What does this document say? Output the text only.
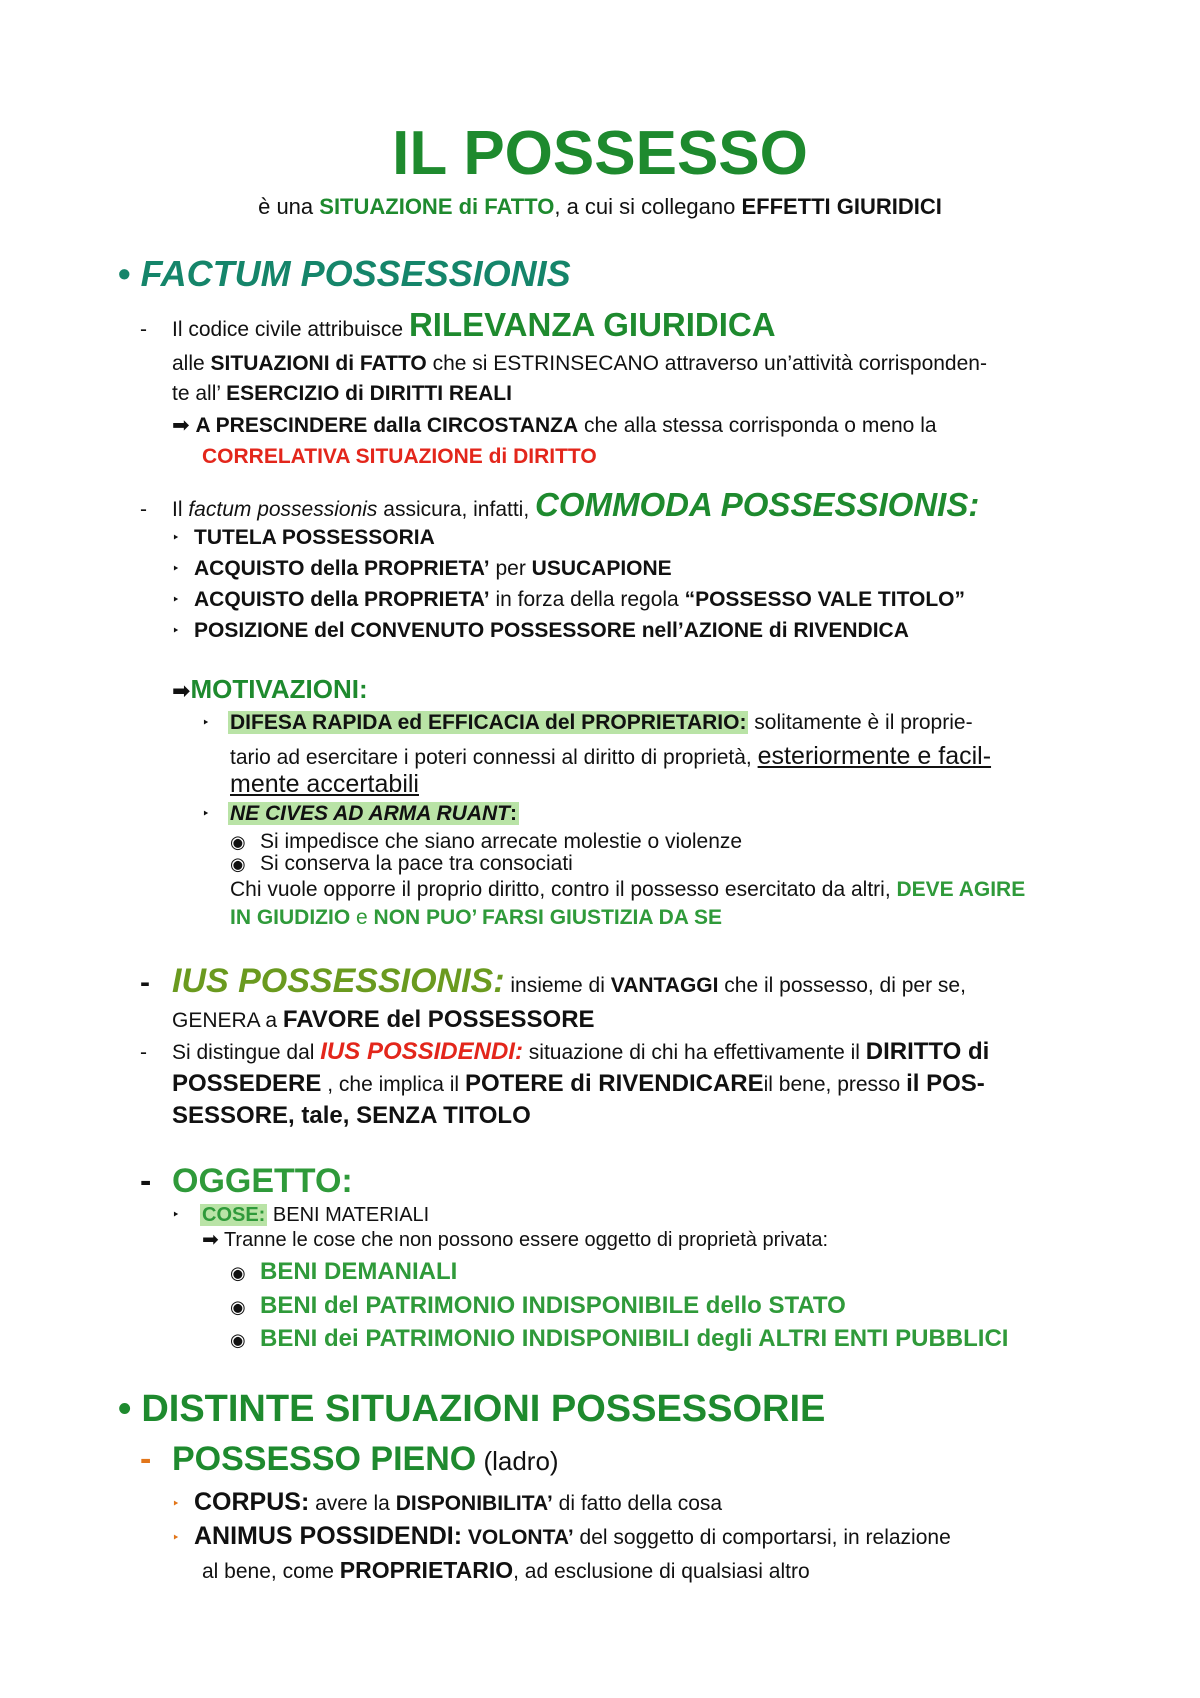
IL POSSESSO
è una SITUAZIONE di FATTO, a cui si collegano EFFETTI GIURIDICI
• FACTUM POSSESSIONIS
- Il codice civile attribuisce RILEVANZA GIURIDICA
alle SITUAZIONI di FATTO che si ESTRINSECANO attraverso un’attività corrisponden-
te all’ ESERCIZIO di DIRITTI REALI
➡ A PRESCINDERE dalla CIRCOSTANZA che alla stessa corrisponda o meno la
CORRELATIVA SITUAZIONE di DIRITTO
- Il factum possessionis assicura, infatti, COMMODA POSSESSIONIS:
‣ TUTELA POSSESSORIA
‣ ACQUISTO della PROPRIETA’ per USUCAPIONE
‣ ACQUISTO della PROPRIETA’ in forza della regola “POSSESSO VALE TITOLO”
‣ POSIZIONE del CONVENUTO POSSESSORE nell’AZIONE di RIVENDICA
➡MOTIVAZIONI:
‣ DIFESA RAPIDA ed EFFICACIA del PROPRIETARIO: solitamente è il proprie-
tario ad esercitare i poteri connessi al diritto di proprietà, esteriormente e facil-
mente accertabili
‣ NE CIVES AD ARMA RUANT:
◉ Si impedisce che siano arrecate molestie o violenze
◉ Si conserva la pace tra consociati
Chi vuole opporre il proprio diritto, contro il possesso esercitato da altri, DEVE AGIRE
IN GIUDIZIO e NON PUO’ FARSI GIUSTIZIA DA SE
- IUS POSSESSIONIS: insieme di VANTAGGI che il possesso, di per se,
GENERA a FAVORE del POSSESSORE
- Si distingue dal IUS POSSIDENDI: situazione di chi ha effettivamente il DIRITTO di
POSSEDERE , che implica il POTERE di RIVENDICAREil bene, presso il POS-
SESSORE, tale, SENZA TITOLO
- OGGETTO:
‣ COSE: BENI MATERIALI
➡ Tranne le cose che non possono essere oggetto di proprietà privata:
◉ BENI DEMANIALI
◉ BENI del PATRIMONIO INDISPONIBILE dello STATO
◉ BENI dei PATRIMONIO INDISPONIBILI degli ALTRI ENTI PUBBLICI
• DISTINTE SITUAZIONI POSSESSORIE
- POSSESSO PIENO (ladro)
‣ CORPUS: avere la DISPONIBILITA’ di fatto della cosa
‣ ANIMUS POSSIDENDI: VOLONTA’ del soggetto di comportarsi, in relazione
al bene, come PROPRIETARIO, ad esclusione di qualsiasi altro
